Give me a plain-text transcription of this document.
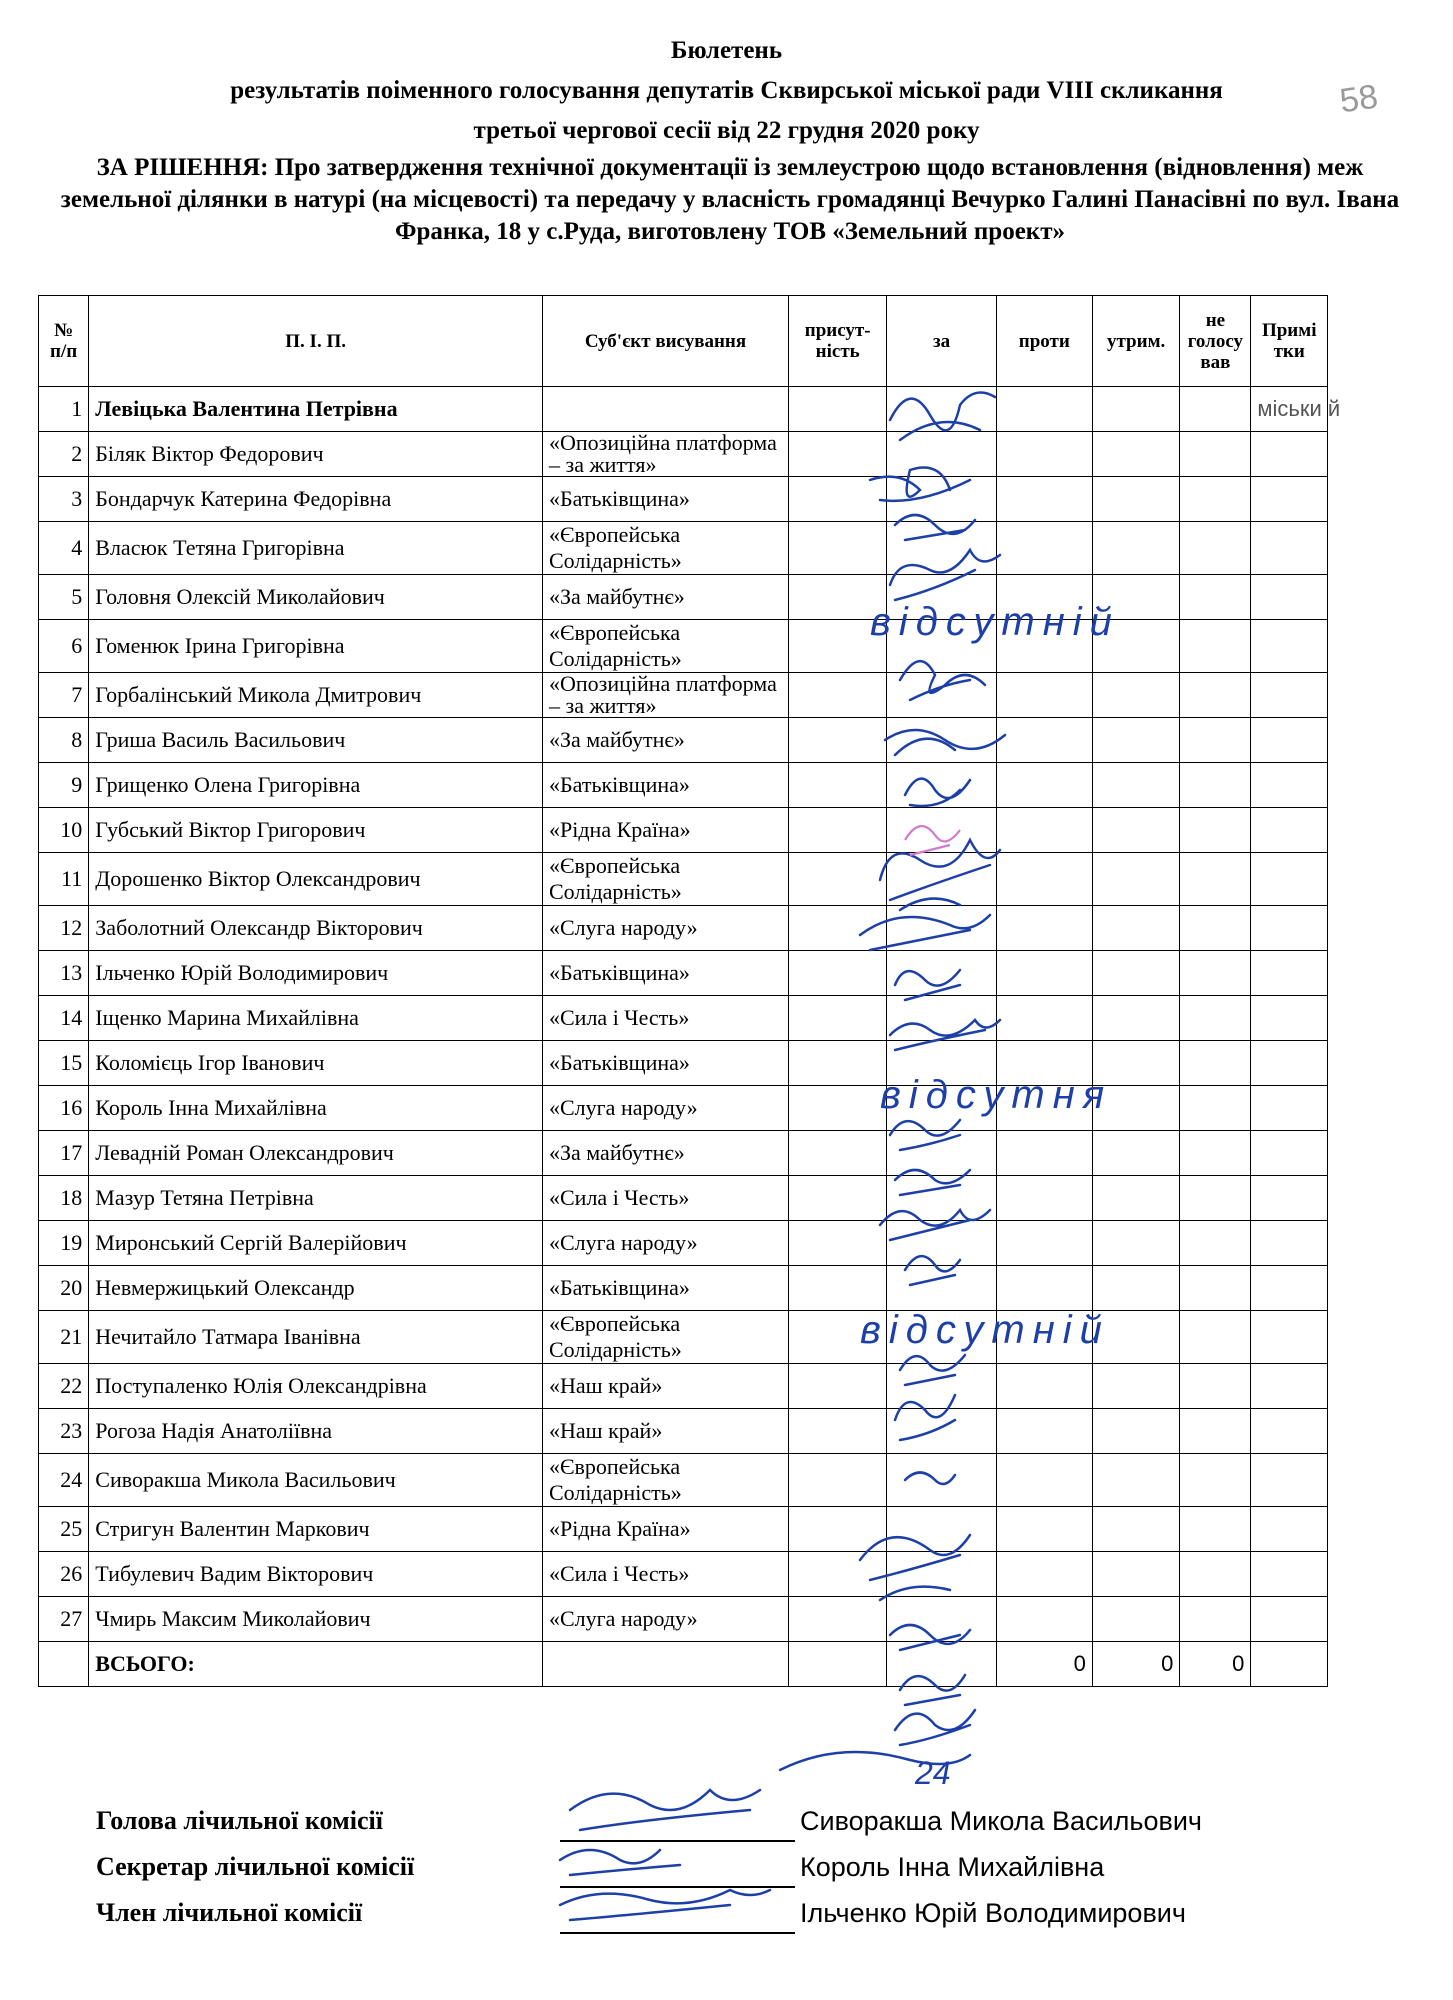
Бюлетень
результатів поіменного голосування депутатів Сквирської міської ради VIII скликання
третьої чергової сесії від 22 грудня 2020 року
ЗА РІШЕННЯ: Про затвердження технічної документації із землеустрою щодо встановлення (відновлення) меж земельної ділянки в натурі (на місцевості) та передачу у власність громадянці Вечурко Галині Панасівні по вул. Івана Франка, 18 у с.Руда, виготовлену ТОВ «Земельний проект»
58
№ п/п	П. І. П.	Суб'єкт висування	присут-ність	за	проти	утрим.	не голосу вав	Примі тки
1	Левіцька Валентина Петрівна							міськи й
2	Біляк Віктор Федорович	«Опозиційна платформа – за життя»						
3	Бондарчук Катерина Федорівна	«Батьківщина»						
4	Власюк Тетяна Григорівна	«Європейська Солідарність»						
5	Головня Олексій Миколайович	«За майбутнє»						
6	Гоменюк Ірина Григорівна	«Європейська Солідарність»						
7	Горбалінський Микола Дмитрович	«Опозиційна платформа – за життя»						
8	Гриша Василь Васильович	«За майбутнє»						
9	Грищенко Олена Григорівна	«Батьківщина»						
10	Губський Віктор Григорович	«Рідна Країна»						
11	Дорошенко Віктор Олександрович	«Європейська Солідарність»						
12	Заболотний Олександр Вікторович	«Слуга народу»						
13	Ільченко Юрій Володимирович	«Батьківщина»						
14	Іщенко Марина Михайлівна	«Сила і Честь»						
15	Коломієць Ігор Іванович	«Батьківщина»						
16	Король Інна Михайлівна	«Слуга народу»						
17	Левадній Роман Олександрович	«За майбутнє»						
18	Мазур Тетяна Петрівна	«Сила і Честь»						
19	Миронський Сергій Валерійович	«Слуга народу»						
20	Невмержицький Олександр	«Батьківщина»						
21	Нечитайло Татмара Іванівна	«Європейська Солідарність»						
22	Поступаленко Юлія Олександрівна	«Наш край»						
23	Рогоза Надія Анатоліївна	«Наш край»						
24	Сиворакша Микола Васильович	«Європейська Солідарність»						
25	Стригун Валентин Маркович	«Рідна Країна»						
26	Тибулевич Вадим Вікторович	«Сила і Честь»						
27	Чмирь Максим Миколайович	«Слуга народу»						
	ВСЬОГО:				0	0	0	
відсутній
відсутня
відсутній
24
Голова лічильної комісії	Сиворакша Микола Васильович
Секретар лічильної комісії	Король Інна Михайлівна
Член лічильної комісії	Ільченко Юрій Володимирович
